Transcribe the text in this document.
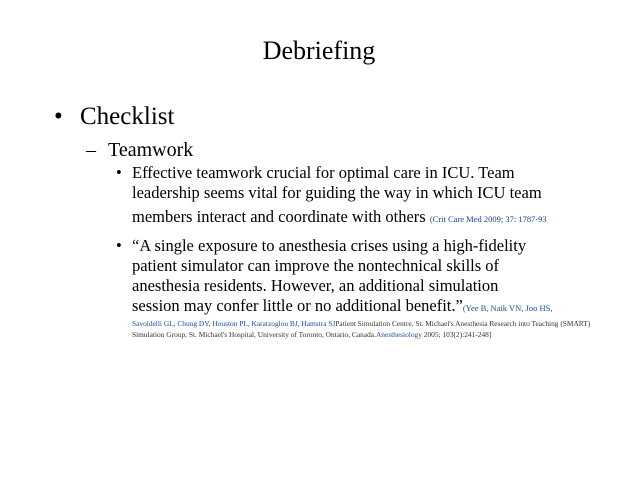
Debriefing
• Checklist
– Teamwork
• Effective teamwork crucial for optimal care in ICU. Team
leadership seems vital for guiding the way in which ICU team
members interact and coordinate with others (Crit Care Med 2009; 37: 1787-93
• “A single exposure to anesthesia crises using a high-fidelity
patient simulator can improve the nontechnical skills of
anesthesia residents. However, an additional simulation
session may confer little or no additional benefit.”(Yee B, Naik VN, Joo HS,
Savoldelli GL, Chung DY, Houston PL, Karatzoglou BJ, Hamstra SJPatient Simulation Centre, St. Michael's Anesthesia Research into Teaching (SMART)
Simulation Group, St. Michael's Hospital, University of Toronto, Ontario, Canada.Anesthesiology 2005; 103(2):241-248]
